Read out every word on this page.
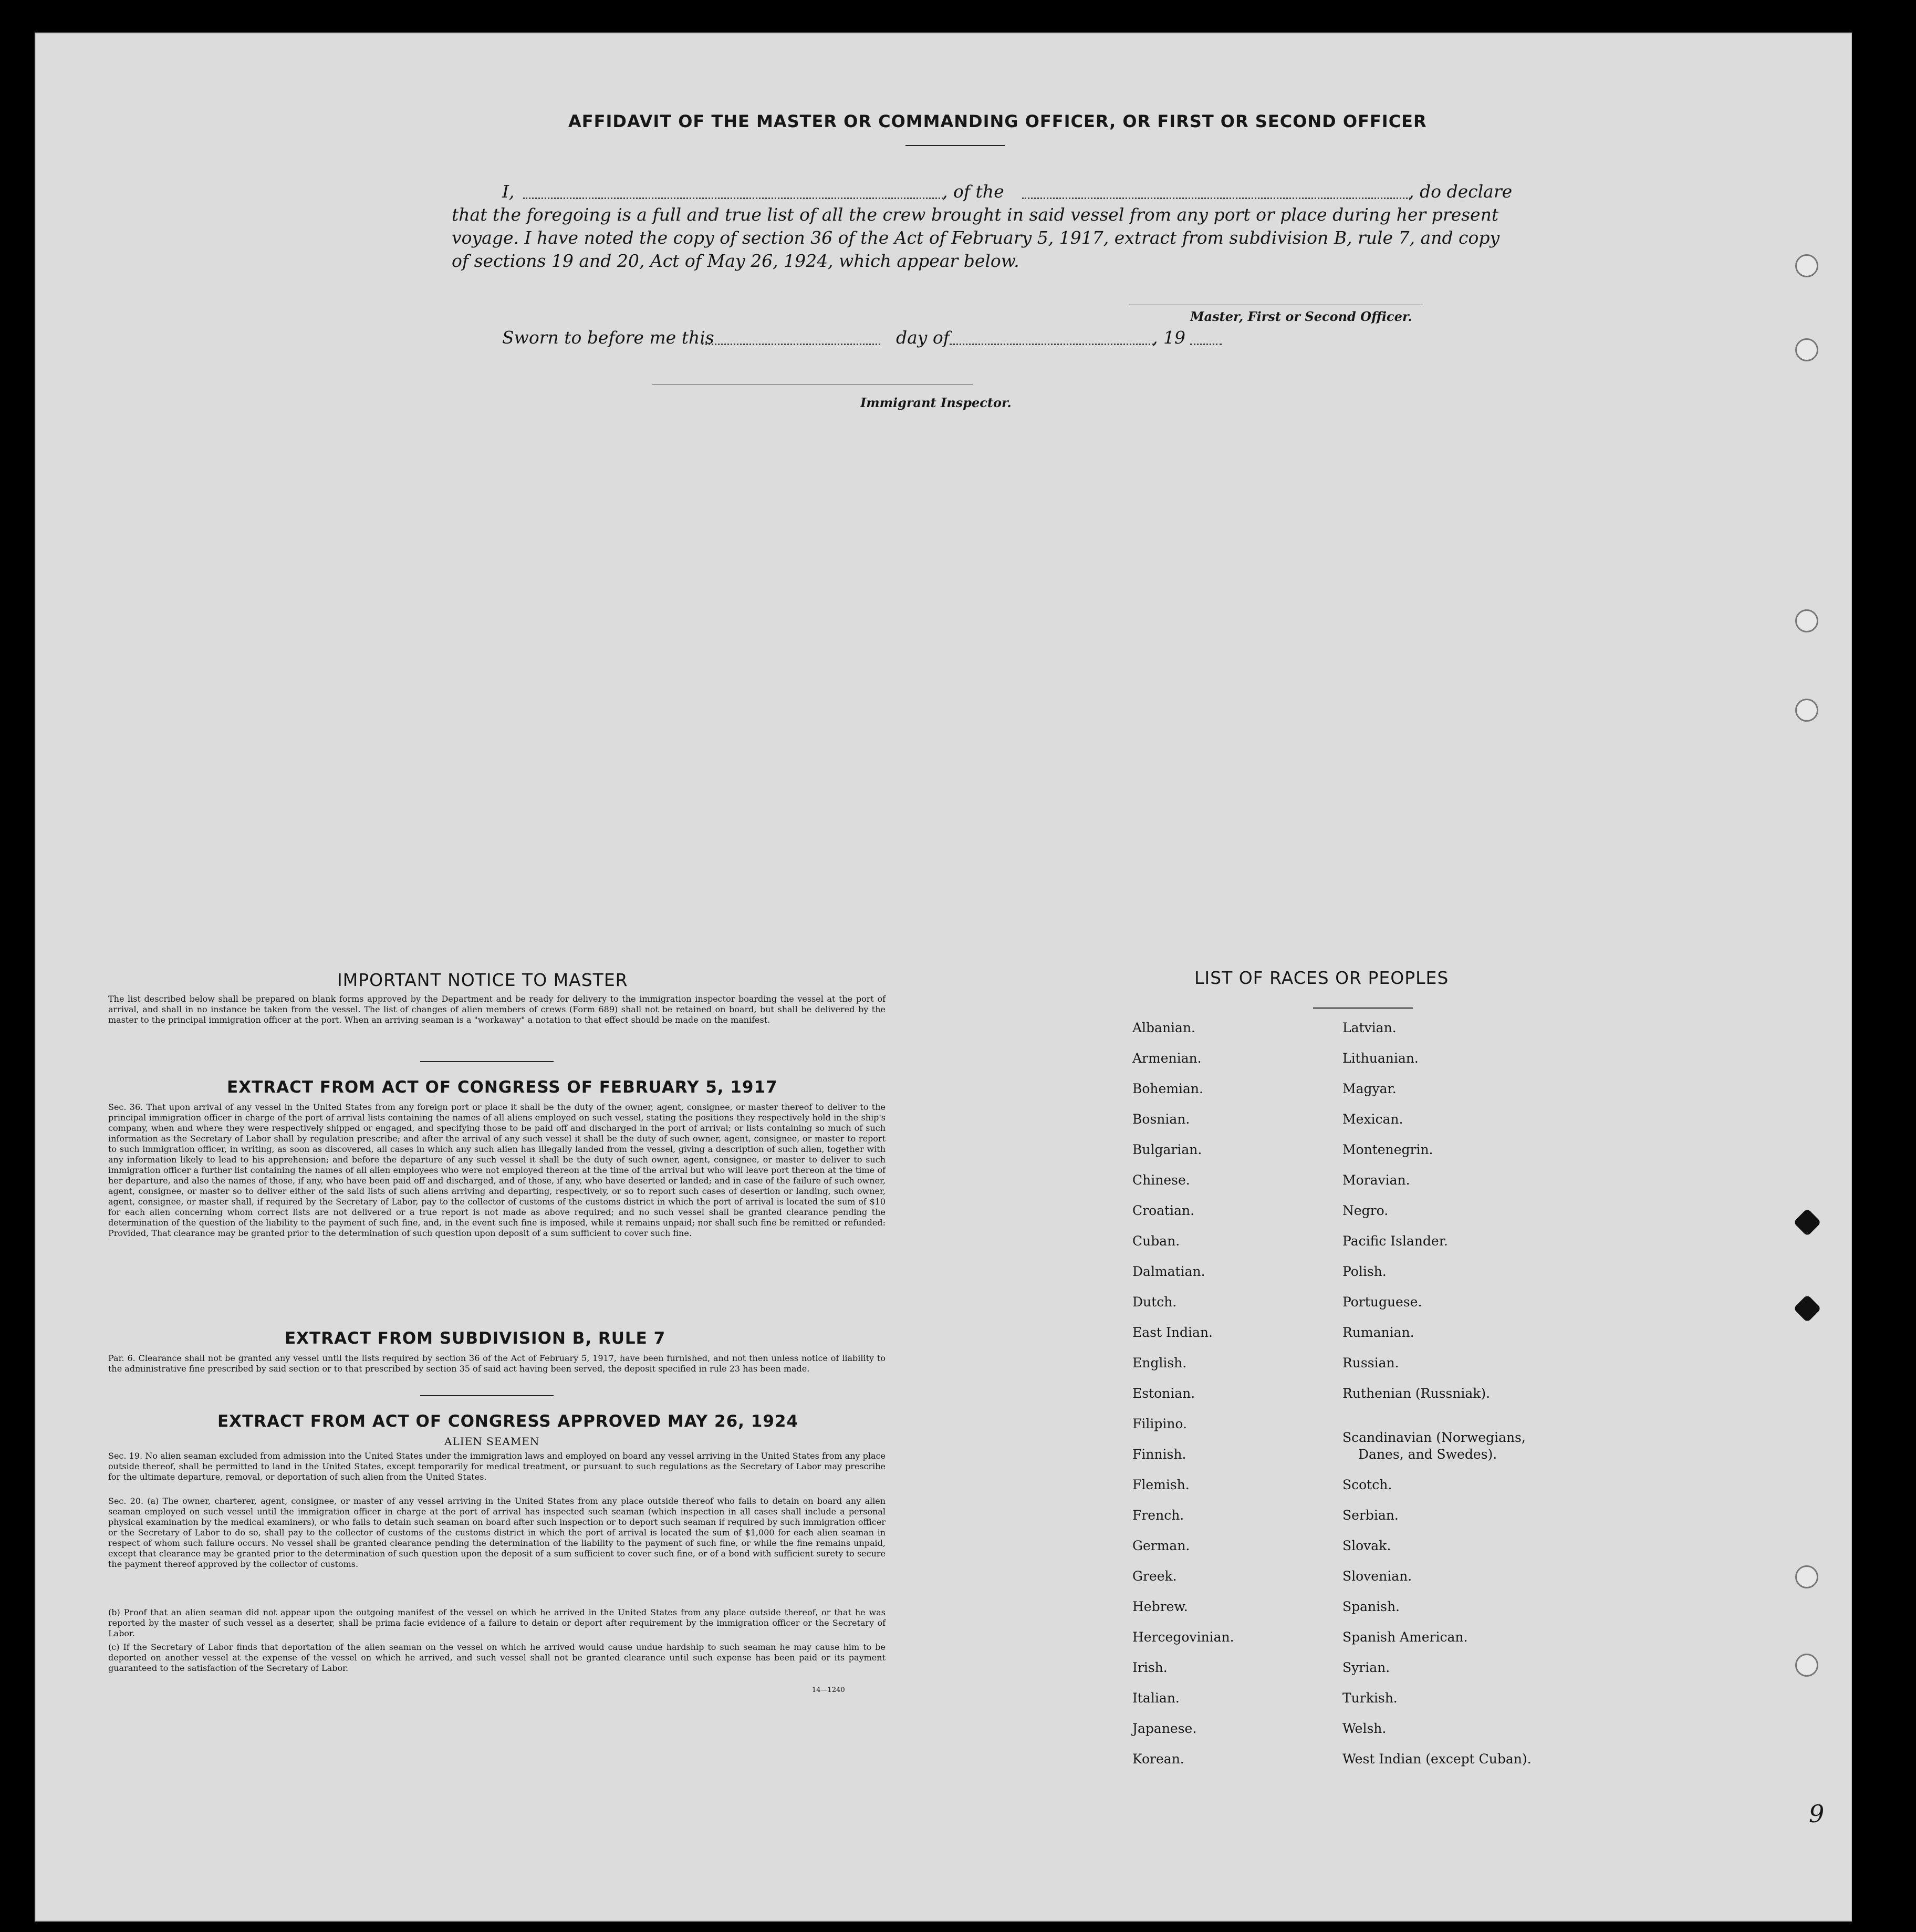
AFFIDAVIT OF THE MASTER OR COMMANDING OFFICER, OR FIRST OR SECOND OFFICER
I,	, of the	, do declare
that the foregoing is a full and true list of all the crew brought in said vessel from any port or place during her present
voyage. I have noted the copy of section 36 of the Act of February 5, 1917, extract from subdivision B, rule 7, and copy
of sections 19 and 20, Act of May 26, 1924, which appear below.
Master, First or Second Officer.
Sworn to before me this	day of	, 19
Immigrant Inspector.
IMPORTANT NOTICE TO MASTER
The list described below shall be prepared on blank forms approved by the Department and be ready for delivery to the immigration inspector boarding the vessel at the port of arrival, and shall in no instance be taken from the vessel. The list of changes of alien members of crews (Form 689) shall not be retained on board, but shall be delivered by the master to the principal immigration officer at the port. When an arriving seaman is a "workaway" a notation to that effect should be made on the manifest.
EXTRACT FROM ACT OF CONGRESS OF FEBRUARY 5, 1917
Sec. 36. That upon arrival of any vessel in the United States from any foreign port or place it shall be the duty of the owner, agent, consignee, or master thereof to deliver to the principal immigration officer in charge of the port of arrival lists containing the names of all aliens employed on such vessel, stating the positions they respectively hold in the ship's company, when and where they were respectively shipped or engaged, and specifying those to be paid off and discharged in the port of arrival; or lists containing so much of such information as the Secretary of Labor shall by regulation prescribe; and after the arrival of any such vessel it shall be the duty of such owner, agent, consignee, or master to report to such immigration officer, in writing, as soon as discovered, all cases in which any such alien has illegally landed from the vessel, giving a description of such alien, together with any information likely to lead to his apprehension; and before the departure of any such vessel it shall be the duty of such owner, agent, consignee, or master to deliver to such immigration officer a further list containing the names of all alien employees who were not employed thereon at the time of the arrival but who will leave port thereon at the time of her departure, and also the names of those, if any, who have been paid off and discharged, and of those, if any, who have deserted or landed; and in case of the failure of such owner, agent, consignee, or master so to deliver either of the said lists of such aliens arriving and departing, respectively, or so to report such cases of desertion or landing, such owner, agent, consignee, or master shall, if required by the Secretary of Labor, pay to the collector of customs of the customs district in which the port of arrival is located the sum of $10 for each alien concerning whom correct lists are not delivered or a true report is not made as above required; and no such vessel shall be granted clearance pending the determination of the question of the liability to the payment of such fine, and, in the event such fine is imposed, while it remains unpaid; nor shall such fine be remitted or refunded: Provided, That clearance may be granted prior to the determination of such question upon deposit of a sum sufficient to cover such fine.
EXTRACT FROM SUBDIVISION B, RULE 7
Par. 6. Clearance shall not be granted any vessel until the lists required by section 36 of the Act of February 5, 1917, have been furnished, and not then unless notice of liability to the administrative fine prescribed by said section or to that prescribed by section 35 of said act having been served, the deposit specified in rule 23 has been made.
EXTRACT FROM ACT OF CONGRESS APPROVED MAY 26, 1924
ALIEN SEAMEN
Sec. 19. No alien seaman excluded from admission into the United States under the immigration laws and employed on board any vessel arriving in the United States from any place outside thereof, shall be permitted to land in the United States, except temporarily for medical treatment, or pursuant to such regulations as the Secretary of Labor may prescribe for the ultimate departure, removal, or deportation of such alien from the United States.
Sec. 20. (a) The owner, charterer, agent, consignee, or master of any vessel arriving in the United States from any place outside thereof who fails to detain on board any alien seaman employed on such vessel until the immigration officer in charge at the port of arrival has inspected such seaman (which inspection in all cases shall include a personal physical examination by the medical examiners), or who fails to detain such seaman on board after such inspection or to deport such seaman if required by such immigration officer or the Secretary of Labor to do so, shall pay to the collector of customs of the customs district in which the port of arrival is located the sum of $1,000 for each alien seaman in respect of whom such failure occurs. No vessel shall be granted clearance pending the determination of the liability to the payment of such fine, or while the fine remains unpaid, except that clearance may be granted prior to the determination of such question upon the deposit of a sum sufficient to cover such fine, or of a bond with sufficient surety to secure the payment thereof approved by the collector of customs.
(b) Proof that an alien seaman did not appear upon the outgoing manifest of the vessel on which he arrived in the United States from any place outside thereof, or that he was reported by the master of such vessel as a deserter, shall be prima facie evidence of a failure to detain or deport after requirement by the immigration officer or the Secretary of Labor.
(c) If the Secretary of Labor finds that deportation of the alien seaman on the vessel on which he arrived would cause undue hardship to such seaman he may cause him to be deported on another vessel at the expense of the vessel on which he arrived, and such vessel shall not be granted clearance until such expense has been paid or its payment guaranteed to the satisfaction of the Secretary of Labor.
14—1240
LIST OF RACES OR PEOPLES
Albanian.
Armenian.
Bohemian.
Bosnian.
Bulgarian.
Chinese.
Croatian.
Cuban.
Dalmatian.
Dutch.
East Indian.
English.
Estonian.
Filipino.
Finnish.
Flemish.
French.
German.
Greek.
Hebrew.
Hercegovinian.
Irish.
Italian.
Japanese.
Korean.
Latvian.
Lithuanian.
Magyar.
Mexican.
Montenegrin.
Moravian.
Negro.
Pacific Islander.
Polish.
Portuguese.
Rumanian.
Russian.
Ruthenian (Russniak).
Scandinavian (Norwegians,
Danes, and Swedes).
Scotch.
Serbian.
Slovak.
Slovenian.
Spanish.
Spanish American.
Syrian.
Turkish.
Welsh.
West Indian (except Cuban).
9
